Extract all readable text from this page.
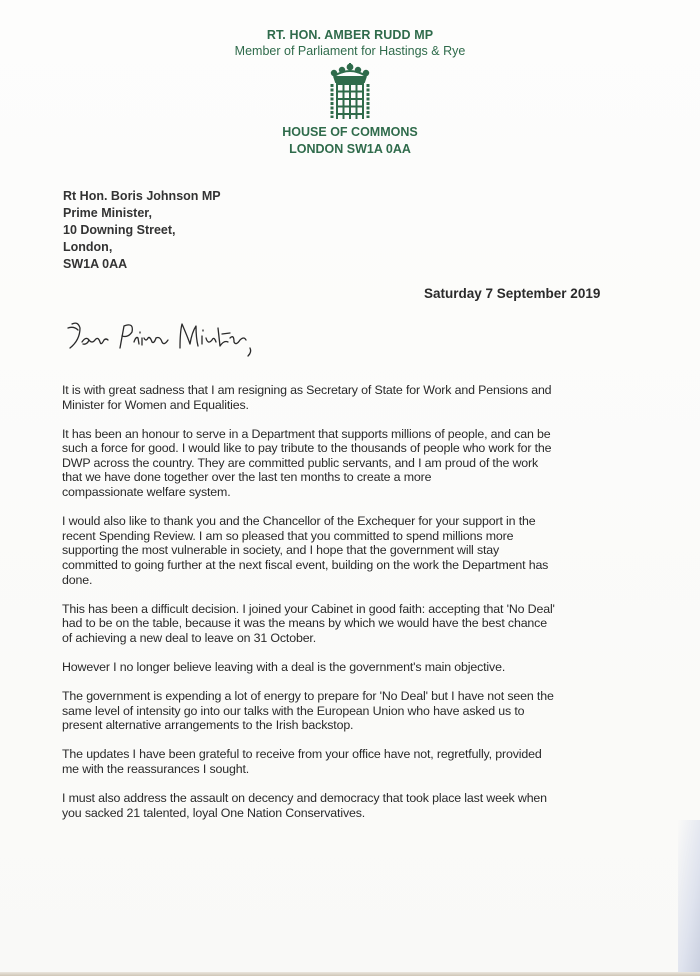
RT. HON. AMBER RUDD MP
Member of Parliament for Hastings & Rye
HOUSE OF COMMONS
LONDON SW1A 0AA
Rt Hon. Boris Johnson MP
Prime Minister,
10 Downing Street,
London,
SW1A 0AA
Saturday 7 September 2019

It is with great sadness that I am resigning as Secretary of State for Work and Pensions and
Minister for Women and Equalities.

It has been an honour to serve in a Department that supports millions of people, and can be
such a force for good. I would like to pay tribute to the thousands of people who work for the
DWP across the country. They are committed public servants, and I am proud of the work
that we have done together over the last ten months to create a more
compassionate welfare system.

I would also like to thank you and the Chancellor of the Exchequer for your support in the
recent Spending Review. I am so pleased that you committed to spend millions more
supporting the most vulnerable in society, and I hope that the government will stay
committed to going further at the next fiscal event, building on the work the Department has
done.

This has been a difficult decision. I joined your Cabinet in good faith: accepting that 'No Deal'
had to be on the table, because it was the means by which we would have the best chance
of achieving a new deal to leave on 31 October.

However I no longer believe leaving with a deal is the government's main objective.

The government is expending a lot of energy to prepare for 'No Deal' but I have not seen the
same level of intensity go into our talks with the European Union who have asked us to
present alternative arrangements to the Irish backstop.

The updates I have been grateful to receive from your office have not, regretfully, provided
me with the reassurances I sought.

I must also address the assault on decency and democracy that took place last week when
you sacked 21 talented, loyal One Nation Conservatives.
